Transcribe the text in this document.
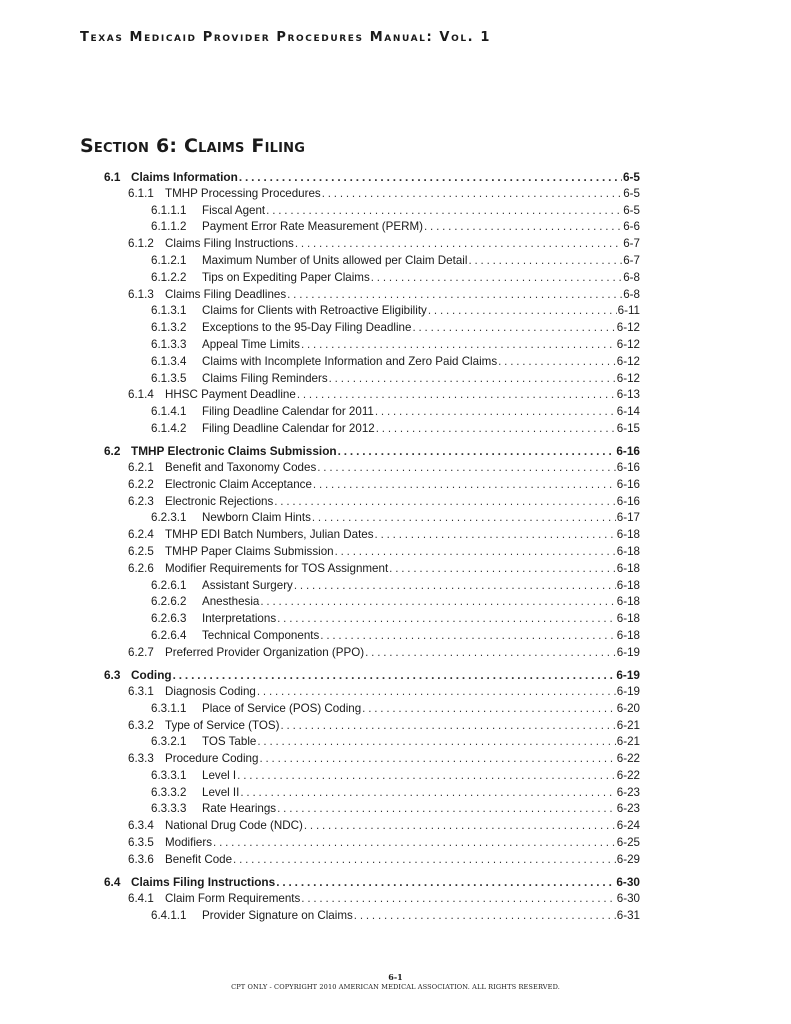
Texas Medicaid Provider Procedures Manual: Vol. 1
Section 6: Claims Filing
6.1 Claims Information . . .	6-5
6.1.1 TMHP Processing Procedures . . .	6-5
6.1.1.1	Fiscal Agent . . .	6-5
6.1.1.2	Payment Error Rate Measurement (PERM) . . .	6-6
6.1.2 Claims Filing Instructions . . .	6-7
6.1.2.1	Maximum Number of Units allowed per Claim Detail . . .	6-7
6.1.2.2	Tips on Expediting Paper Claims . . .	6-8
6.1.3 Claims Filing Deadlines . . .	6-8
6.1.3.1	Claims for Clients with Retroactive Eligibility . . .	6-11
6.1.3.2	Exceptions to the 95-Day Filing Deadline . . .	6-12
6.1.3.3	Appeal Time Limits . . .	6-12
6.1.3.4	Claims with Incomplete Information and Zero Paid Claims . . .	6-12
6.1.3.5	Claims Filing Reminders . . .	6-12
6.1.4 HHSC Payment Deadline . . .	6-13
6.1.4.1	Filing Deadline Calendar for 2011 . . .	6-14
6.1.4.2	Filing Deadline Calendar for 2012 . . .	6-15
6.2 TMHP Electronic Claims Submission . . .	6-16
6.2.1 Benefit and Taxonomy Codes . . .	6-16
6.2.2 Electronic Claim Acceptance . . .	6-16
6.2.3 Electronic Rejections . . .	6-16
6.2.3.1	Newborn Claim Hints . . .	6-17
6.2.4 TMHP EDI Batch Numbers, Julian Dates . . .	6-18
6.2.5 TMHP Paper Claims Submission . . .	6-18
6.2.6 Modifier Requirements for TOS Assignment . . .	6-18
6.2.6.1	Assistant Surgery . . .	6-18
6.2.6.2	Anesthesia . . .	6-18
6.2.6.3	Interpretations . . .	6-18
6.2.6.4	Technical Components . . .	6-18
6.2.7 Preferred Provider Organization (PPO) . . .	6-19
6.3 Coding . . .	6-19
6.3.1 Diagnosis Coding . . .	6-19
6.3.1.1	Place of Service (POS) Coding . . .	6-20
6.3.2 Type of Service (TOS) . . .	6-21
6.3.2.1	TOS Table . . .	6-21
6.3.3 Procedure Coding . . .	6-22
6.3.3.1	Level I . . .	6-22
6.3.3.2	Level II . . .	6-23
6.3.3.3	Rate Hearings . . .	6-23
6.3.4 National Drug Code (NDC) . . .	6-24
6.3.5 Modifiers . . .	6-25
6.3.6 Benefit Code . . .	6-29
6.4 Claims Filing Instructions . . .	6-30
6.4.1 Claim Form Requirements . . .	6-30
6.4.1.1	Provider Signature on Claims . . .	6-31
6-1
CPT ONLY - COPYRIGHT 2010 AMERICAN MEDICAL ASSOCIATION. ALL RIGHTS RESERVED.
